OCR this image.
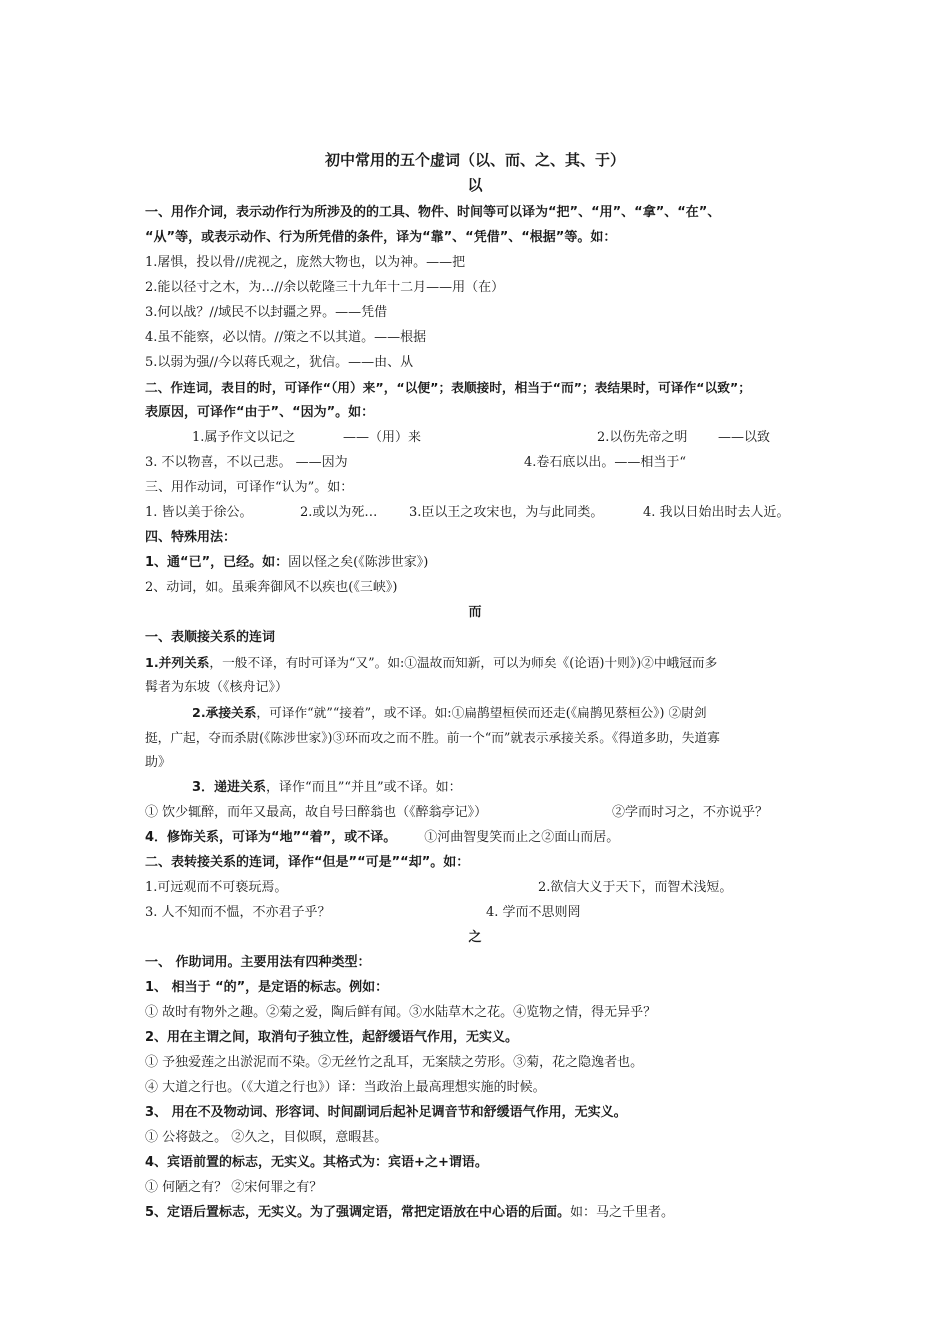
初中常用的五个虚词（以、而、之、其、于）
以
一、用作介词，表示动作行为所涉及的的工具、物件、时间等可以译为“把”、“用”、“拿”、“在”、
“从”等，或表示动作、行为所凭借的条件，译为“靠”、“凭借”、“根据”等。如：
1.屠惧，投以骨//虎视之，庞然大物也，以为神。——把
2.能以径寸之木，为…//余以乾隆三十九年十二月——用（在）
3.何以战？//域民不以封疆之界。——凭借
4.虽不能察，必以情。//策之不以其道。——根据
5.以弱为强//今以蒋氏观之，犹信。——由、从
二、作连词，表目的时，可译作“（用）来”，“以便”；表顺接时，相当于“而”；表结果时，可译作“以致”；
表原因，可译作“由于”、“因为”。如：
1.属予作文以记之	——（用）来	2.以伤先帝之明 ——以致
3. 不以物喜，不以己悲。 ——因为	4.卷石底以出。——相当于“
三、用作动词，可译作“认为”。如：
1. 皆以美于徐公。	2.或以为死… 3.臣以王之攻宋也，为与此同类。	4. 我以日始出时去人近。
四、特殊用法：
1、通“已”，已经。如：固以怪之矣(《陈涉世家》)
2、动词，如。虽乘奔御风不以疾也(《三峡》)
而
一、表顺接关系的连词
1.并列关系，一般不译，有时可译为“又”。如:①温故而知新，可以为师矣《(论语)十则》)②中峨冠而多
髯者为东坡（《核舟记》）
2.承接关系，可译作“就”“接着”，或不译。如:①扁鹊望桓侯而还走(《扁鹊见蔡桓公》) ②尉剑
挺，广起，夺而杀尉(《陈涉世家》)③环而攻之而不胜。前一个“而”就表示承接关系。《得道多助，失道寡
助》
3．递进关系，译作“而且”“并且”或不译。如：
① 饮少辄醉，而年又最高，故自号曰醉翁也（《醉翁亭记》）	②学而时习之，不亦说乎？
4．修饰关系，可译为“地”“着”，或不译。 ①河曲智叟笑而止之②面山而居。
二、表转接关系的连词，译作“但是”“可是”“却”。如：
1.可远观而不可亵玩焉。	2.欲信大义于天下，而智术浅短。
3. 人不知而不愠，不亦君子乎？	4. 学而不思则罔
之
一、 作助词用。主要用法有四种类型：
1、 相当于 “的”，是定语的标志。例如：
① 故时有物外之趣。②菊之爱，陶后鲜有闻。③水陆草木之花。④览物之情，得无异乎？
2、用在主谓之间，取消句子独立性，起舒缓语气作用，无实义。
① 予独爱莲之出淤泥而不染。②无丝竹之乱耳，无案牍之劳形。③菊，花之隐逸者也。
④ 大道之行也。（《大道之行也》）译：当政治上最高理想实施的时候。
3、 用在不及物动词、形容词、时间副词后起补足调音节和舒缓语气作用，无实义。
① 公将鼓之。 ②久之，目似暝，意暇甚。
4、宾语前置的标志，无实义。其格式为：宾语+之+谓语。
① 何陋之有？ ②宋何罪之有？
5、定语后置标志，无实义。为了强调定语，常把定语放在中心语的后面。如：马之千里者。
